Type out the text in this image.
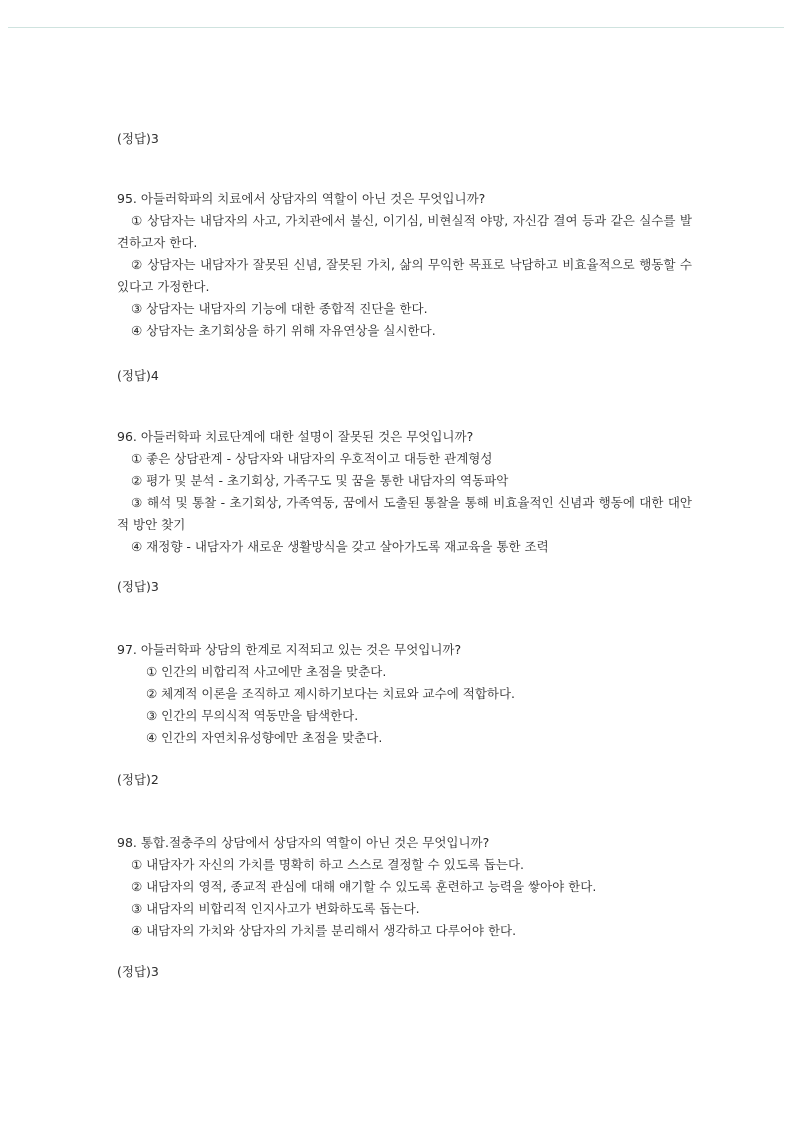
(정답)3
95. 아들러학파의 치료에서 상담자의 역할이 아닌 것은 무엇입니까?
① 상담자는 내담자의 사고, 가치관에서 불신, 이기심, 비현실적 야망, 자신감 결여 등과 같은 실수를 발견하고자 한다.
② 상담자는 내담자가 잘못된 신념, 잘못된 가치, 삶의 무익한 목표로 낙담하고 비효율적으로 행동할 수 있다고 가정한다.
③ 상담자는 내담자의 기능에 대한 종합적 진단을 한다.
④ 상담자는 초기회상을 하기 위해 자유연상을 실시한다.
(정답)4
96. 아들러학파 치료단계에 대한 설명이 잘못된 것은 무엇입니까?
① 좋은 상담관계 - 상담자와 내담자의 우호적이고 대등한 관계형성
② 평가 및 분석 - 초기회상, 가족구도 및 꿈을 통한 내담자의 역동파악
③ 해석 및 통찰 - 초기회상, 가족역동, 꿈에서 도출된 통찰을 통해 비효율적인 신념과 행동에 대한 대안적 방안 찾기
④ 재정향 - 내담자가 새로운 생활방식을 갖고 살아가도록 재교육을 통한 조력
(정답)3
97. 아들러학파 상담의 한계로 지적되고 있는 것은 무엇입니까?
① 인간의 비합리적 사고에만 초점을 맞춘다.
② 체계적 이론을 조직하고 제시하기보다는 치료와 교수에 적합하다.
③ 인간의 무의식적 역동만을 탐색한다.
④ 인간의 자연치유성향에만 초점을 맞춘다.
(정답)2
98. 통합.절충주의 상담에서 상담자의 역할이 아닌 것은 무엇입니까?
① 내담자가 자신의 가치를 명확히 하고 스스로 결정할 수 있도록 돕는다.
② 내담자의 영적, 종교적 관심에 대해 얘기할 수 있도록 훈련하고 능력을 쌓아야 한다.
③ 내담자의 비합리적 인지사고가 변화하도록 돕는다.
④ 내담자의 가치와 상담자의 가치를 분리해서 생각하고 다루어야 한다.
(정답)3
